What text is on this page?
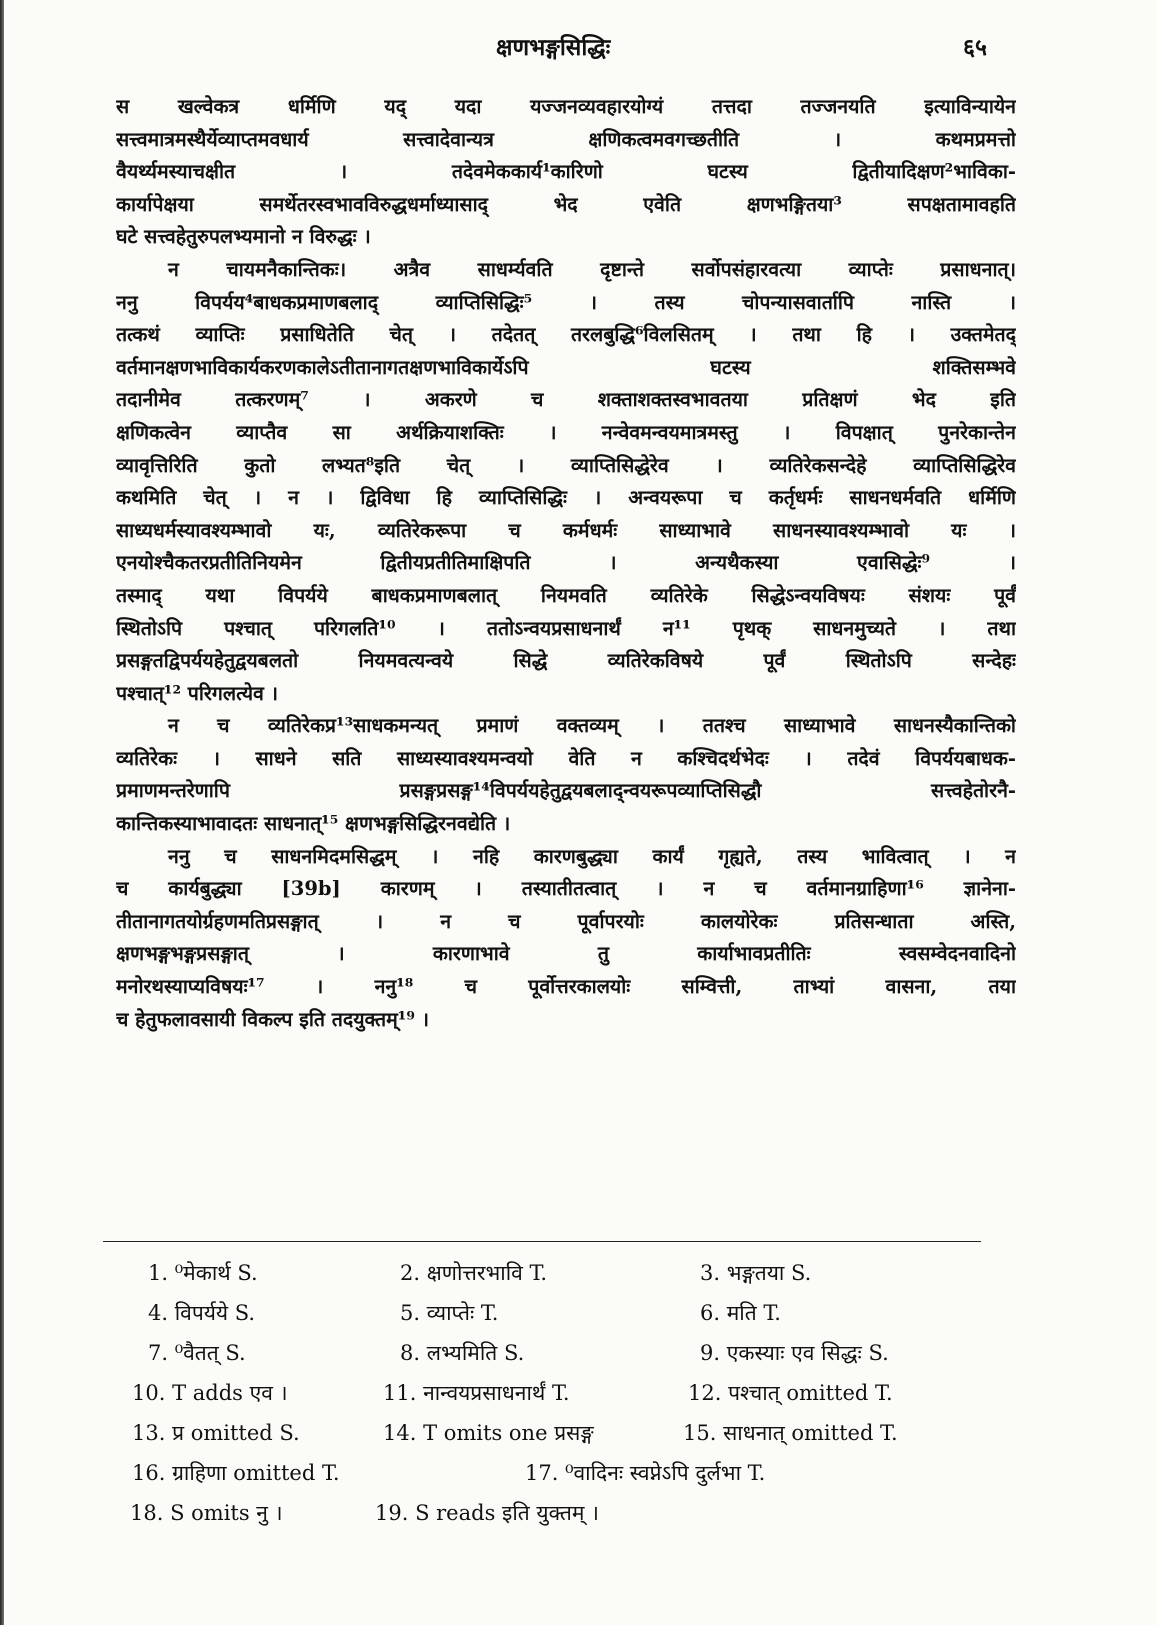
क्षणभङ्गसिद्धिः	६५
स खल्वेकत्र धर्मिणि यद् यदा यज्जनव्यवहारयोग्यं तत्तदा तज्जनयति इत्याविन्यायेन
सत्त्वमात्रमस्थैर्येव्याप्तमवधार्य सत्त्वादेवान्यत्र क्षणिकत्वमवगच्छतीति । कथमप्रमत्तो
वैयर्थ्यमस्याचक्षीत । तदेवमेककार्य¹कारिणो घटस्य द्वितीयादिक्षण²भाविका-
कार्यापेक्षया समर्थेतरस्वभावविरुद्धधर्माध्यासाद् भेद एवेति क्षणभङ्गितया³ सपक्षतामावहति
घटे सत्त्वहेतुरुपलभ्यमानो न विरुद्धः ।
न चायमनैकान्तिकः। अत्रैव साधर्म्यवति दृष्टान्ते सर्वोपसंहारवत्या व्याप्तेः प्रसाधनात्।
ननु विपर्यय⁴बाधकप्रमाणबलाद् व्याप्तिसिद्धिः⁵ । तस्य चोपन्यासवार्तापि नास्ति ।
तत्कथं व्याप्तिः प्रसाधितेति चेत् । तदेतत् तरलबुद्धि⁶विलसितम् । तथा हि । उक्तमेतद्
वर्तमानक्षणभाविकार्यकरणकालेऽतीतानागतक्षणभाविकार्येऽपि घटस्य शक्तिसम्भवे
तदानीमेव तत्करणम्⁷ । अकरणे च शक्ताशक्तस्वभावतया प्रतिक्षणं भेद इति
क्षणिकत्वेन व्याप्तैव सा अर्थक्रियाशक्तिः । नन्वेवमन्वयमात्रमस्तु । विपक्षात् पुनरेकान्तेन
व्यावृत्तिरिति कुतो लभ्यत⁸इति चेत् । व्याप्तिसिद्धेरेव । व्यतिरेकसन्देहे व्याप्तिसिद्धिरेव
कथमिति चेत् । न । द्विविधा हि व्याप्तिसिद्धिः । अन्वयरूपा च कर्तृधर्मः साधनधर्मवति धर्मिणि
साध्यधर्मस्यावश्यम्भावो यः, व्यतिरेकरूपा च कर्मधर्मः साध्याभावे साधनस्यावश्यम्भावो यः ।
एनयोश्चैकतरप्रतीतिनियमेन द्वितीयप्रतीतिमाक्षिपति । अन्यथैकस्या एवासिद्धेः⁹ ।
तस्माद् यथा विपर्यये बाधकप्रमाणबलात् नियमवति व्यतिरेके सिद्धेऽन्वयविषयः संशयः पूर्वं
स्थितोऽपि पश्चात् परिगलति¹⁰ । ततोऽन्वयप्रसाधनार्थं न¹¹ पृथक् साधनमुच्यते । तथा
प्रसङ्गतद्विपर्ययहेतुद्वयबलतो नियमवत्यन्वये सिद्धे व्यतिरेकविषये पूर्वं स्थितोऽपि सन्देहः
पश्चात्¹² परिगलत्येव ।
न च व्यतिरेकप्र¹³साधकमन्यत् प्रमाणं वक्तव्यम् । ततश्च साध्याभावे साधनस्यैकान्तिको
व्यतिरेकः । साधने सति साध्यस्यावश्यमन्वयो वेति न कश्चिदर्थभेदः । तदेवं विपर्ययबाधक-
प्रमाणमन्तरेणापि प्रसङ्गप्रसङ्ग¹⁴विपर्ययहेतुद्वयबलाद्न्वयरूपव्याप्तिसिद्धौ सत्त्वहेतोरनै-
कान्तिकस्याभावादतः साधनात्¹⁵ क्षणभङ्गसिद्धिरनवद्येति ।
ननु च साधनमिदमसिद्धम् । नहि कारणबुद्ध्या कार्यं गृह्यते, तस्य भावित्वात् । न
च कार्यबुद्ध्या [39b] कारणम् । तस्यातीतत्वात् । न च वर्तमानग्राहिणा¹⁶ ज्ञानेना-
तीतानागतयोर्ग्रहणमतिप्रसङ्गात् । न च पूर्वापरयोः कालयोरेकः प्रतिसन्धाता अस्ति,
क्षणभङ्गभङ्गप्रसङ्गात् । कारणाभावे तु कार्याभावप्रतीतिः स्वसम्वेदनवादिनो
मनोरथस्याप्यविषयः¹⁷ । ननु¹⁸ च पूर्वोत्तरकालयोः सम्वित्ती, ताभ्यां वासना, तया
च हेतुफलावसायी विकल्प इति तदयुक्तम्¹⁹ ।
1. ⁰मेकार्थ S.	2. क्षणोत्तरभावि T.	3. भङ्गतया S.
4. विपर्यये S.	5. व्याप्तेः T.	6. मति T.
7. ⁰वैतत् S.	8. लभ्यमिति S.	9. एकस्याः एव सिद्धः S.
10. T adds एव ।	11. नान्वयप्रसाधनार्थं T.	12. पश्चात् omitted T.
13. प्र omitted S.	14. T omits one प्रसङ्ग	15. साधनात् omitted T.
16. ग्राहिणा omitted T.	17. ⁰वादिनः स्वप्नेऽपि दुर्लभा T.
18. S omits नु ।	19. S reads इति युक्तम् ।
